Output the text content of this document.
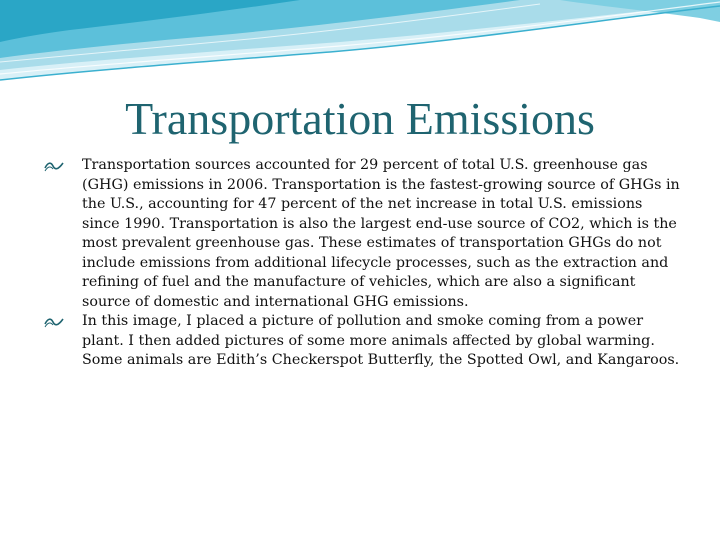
Transportation Emissions
Transportation sources accounted for 29 percent of total U.S. greenhouse gas (GHG) emissions in 2006. Transportation is the fastest-growing source of GHGs in the U.S., accounting for 47 percent of the net increase in total U.S. emissions since 1990. Transportation is also the largest end-use source of CO2, which is the most prevalent greenhouse gas. These estimates of transportation GHGs do not include emissions from additional lifecycle processes, such as the extraction and refining of fuel and the manufacture of vehicles, which are also a significant source of domestic and international GHG emissions.
In this image, I placed a picture of pollution and smoke coming from a power plant. I then added pictures of some more animals affected by global warming. Some animals are Edith’s Checkerspot Butterfly, the Spotted Owl, and Kangaroos.
